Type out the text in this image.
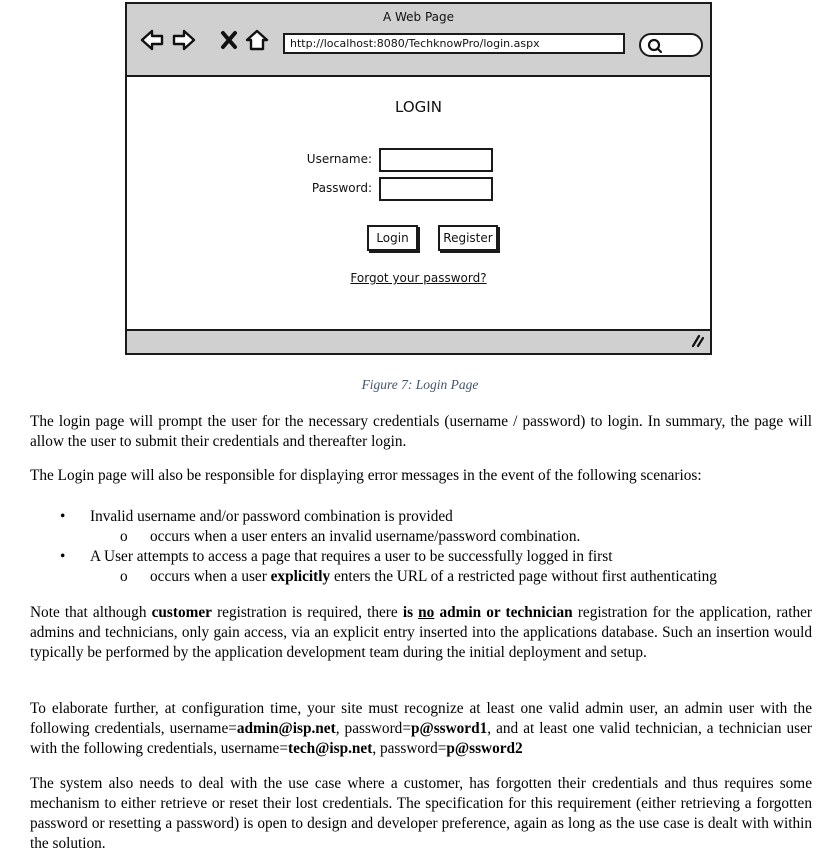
A Web Page
http://localhost:8080/TechknowPro/login.aspx
LOGIN
Username:
Password:
Login	Register
Forgot your password?
Figure 7: Login Page

The login page will prompt the user for the necessary credentials (username / password) to login. In summary, the page will allow the user to submit their credentials and thereafter login.

The Login page will also be responsible for displaying error messages in the event of the following scenarios:

• Invalid username and/or password combination is provided
o occurs when a user enters an invalid username/password combination.
• A User attempts to access a page that requires a user to be successfully logged in first
o occurs when a user explicitly enters the URL of a restricted page without first authenticating

Note that although customer registration is required, there is no admin or technician registration for the application, rather admins and technicians, only gain access, via an explicit entry inserted into the applications database. Such an insertion would typically be performed by the application development team during the initial deployment and setup.

To elaborate further, at configuration time, your site must recognize at least one valid admin user, an admin user with the following credentials, username=admin@isp.net, password=p@ssword1, and at least one valid technician, a technician user with the following credentials, username=tech@isp.net, password=p@ssword2

The system also needs to deal with the use case where a customer, has forgotten their credentials and thus requires some mechanism to either retrieve or reset their lost credentials. The specification for this requirement (either retrieving a forgotten password or resetting a password) is open to design and developer preference, again as long as the use case is dealt with within the solution.
